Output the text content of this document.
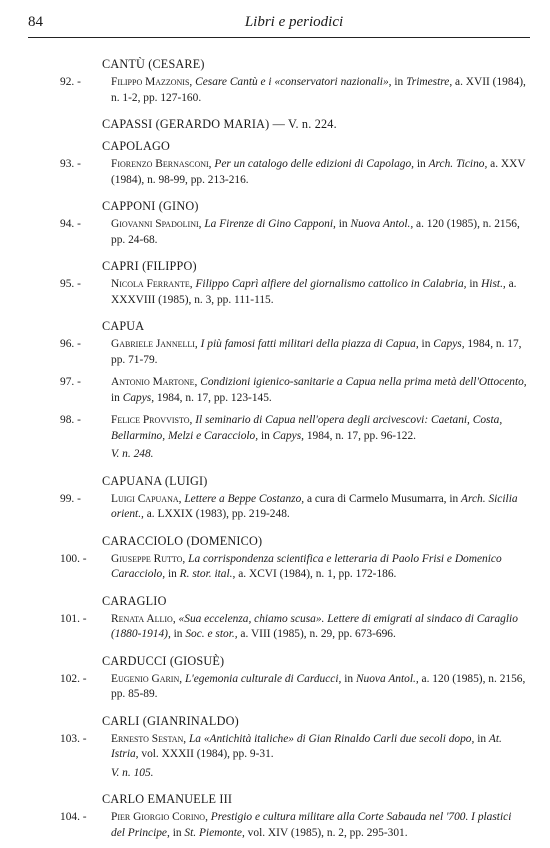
84	Libri e periodici
CANTÙ (CESARE)
92. -	Filippo Mazzonis, Cesare Cantù e i «conservatori nazionali», in Trimestre, a. XVII (1984), n. 1-2, pp. 127-160.
CAPASSI (GERARDO MARIA) — V. n. 224.
CAPOLAGO
93. -	Fiorenzo Bernasconi, Per un catalogo delle edizioni di Capolago, in Arch. Ticino, a. XXV (1984), n. 98-99, pp. 213-216.
CAPPONI (GINO)
94. -	Giovanni Spadolini, La Firenze di Gino Capponi, in Nuova Antol., a. 120 (1985), n. 2156, pp. 24-68.
CAPRI (FILIPPO)
95. -	Nicola Ferrante, Filippo Caprì alfiere del giornalismo cattolico in Calabria, in Hist., a. XXXVIII (1985), n. 3, pp. 111-115.
CAPUA
96. -	Gabriele Jannelli, I più famosi fatti militari della piazza di Capua, in Capys, 1984, n. 17, pp. 71-79.
97. -	Antonio Martone, Condizioni igienico-sanitarie a Capua nella prima metà dell'Ottocento, in Capys, 1984, n. 17, pp. 123-145.
98. -	Felice Provvisto, Il seminario di Capua nell'opera degli arcivescovi: Caetani, Costa, Bellarmino, Melzi e Caracciolo, in Capys, 1984, n. 17, pp. 96-122.
V. n. 248.
CAPUANA (LUIGI)
99. -	Luigi Capuana, Lettere a Beppe Costanzo, a cura di Carmelo Musumarra, in Arch. Sicilia orient., a. LXXIX (1983), pp. 219-248.
CARACCIOLO (DOMENICO)
100. -	Giuseppe Rutto, La corrispondenza scientifica e letteraria di Paolo Frisi e Domenico Caracciolo, in R. stor. ital., a. XCVI (1984), n. 1, pp. 172-186.
CARAGLIO
101. -	Renata Allio, «Sua eccelenza, chiamo scusa». Lettere di emigrati al sindaco di Caraglio (1880-1914), in Soc. e stor., a. VIII (1985), n. 29, pp. 673-696.
CARDUCCI (GIOSUÈ)
102. -	Eugenio Garin, L'egemonia culturale di Carducci, in Nuova Antol., a. 120 (1985), n. 2156, pp. 85-89.
CARLI (GIANRINALDO)
103. -	Ernesto Sestan, La «Antichità italiche» di Gian Rinaldo Carli due secoli dopo, in At. Istria, vol. XXXII (1984), pp. 9-31.
V. n. 105.
CARLO EMANUELE III
104. -	Pier Giorgio Corino, Prestigio e cultura militare alla Corte Sabauda nel '700. I plastici del Principe, in St. Piemonte, vol. XIV (1985), n. 2, pp. 295-301.
